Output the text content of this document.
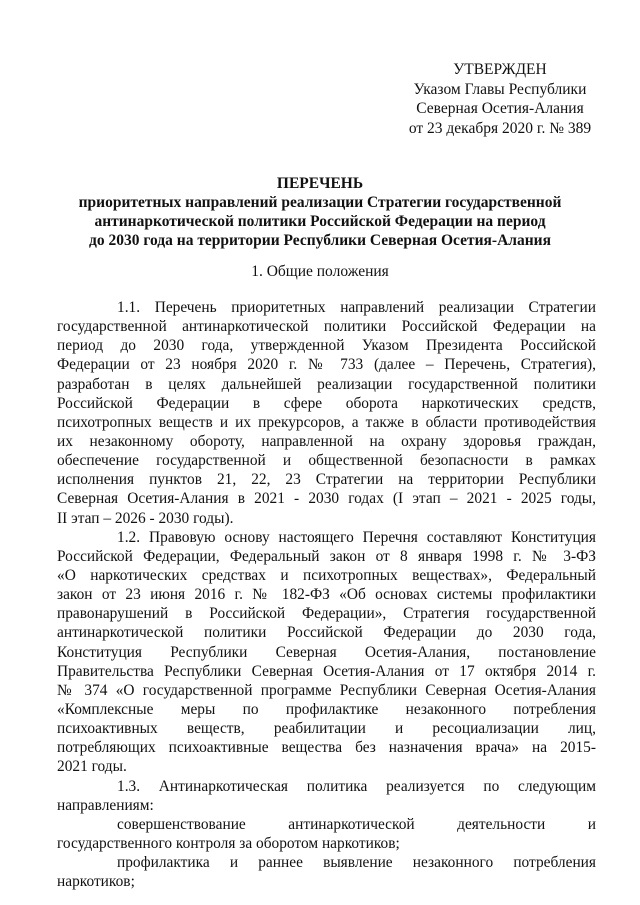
УТВЕРЖДЕН
Указом Главы Республики
Северная Осетия-Алания
от 23 декабря 2020 г. № 389
ПЕРЕЧЕНЬ
приоритетных направлений реализации Стратегии государственной
антинаркотической политики Российской Федерации на период
до 2030 года на территории Республики Северная Осетия-Алания
1. Общие положения
1.1. Перечень приоритетных направлений реализации Стратегии
государственной антинаркотической политики Российской Федерации на
период до 2030 года, утвержденной Указом Президента Российской
Федерации от 23 ноября 2020 г. № 733 (далее – Перечень, Стратегия),
разработан в целях дальнейшей реализации государственной политики
Российской Федерации в сфере оборота наркотических средств,
психотропных веществ и их прекурсоров, а также в области противодействия
их незаконному обороту, направленной на охрану здоровья граждан,
обеспечение государственной и общественной безопасности в рамках
исполнения пунктов 21, 22, 23 Стратегии на территории Республики
Северная Осетия-Алания в 2021 - 2030 годах (I этап – 2021 - 2025 годы,
II этап – 2026 - 2030 годы).
1.2. Правовую основу настоящего Перечня составляют Конституция
Российской Федерации, Федеральный закон от 8 января 1998 г. № 3-ФЗ
«О наркотических средствах и психотропных веществах», Федеральный
закон от 23 июня 2016 г. № 182-ФЗ «Об основах системы профилактики
правонарушений в Российской Федерации», Стратегия государственной
антинаркотической политики Российской Федерации до 2030 года,
Конституция Республики Северная Осетия-Алания, постановление
Правительства Республики Северная Осетия-Алания от 17 октября 2014 г.
№ 374 «О государственной программе Республики Северная Осетия-Алания
«Комплексные меры по профилактике незаконного потребления
психоактивных веществ, реабилитации и ресоциализации лиц,
потребляющих психоактивные вещества без назначения врача» на 2015-
2021 годы.
1.3. Антинаркотическая политика реализуется по следующим
направлениям:
совершенствование антинаркотической деятельности и
государственного контроля за оборотом наркотиков;
профилактика и раннее выявление незаконного потребления
наркотиков;
